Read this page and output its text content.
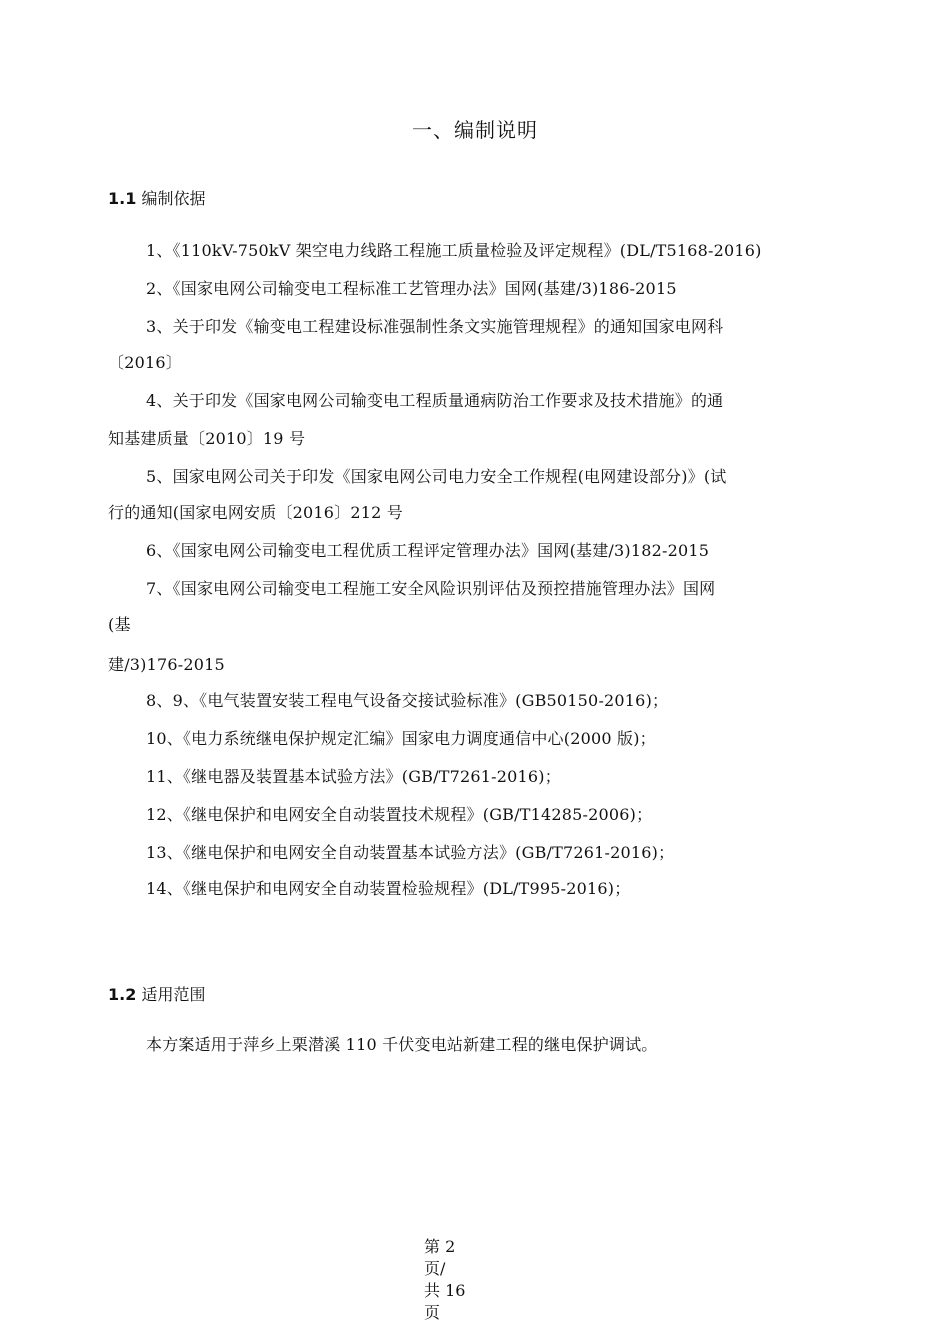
一、编制说明
1.1 编制依据
1、《110kV-750kV 架空电力线路工程施工质量检验及评定规程》(DL/T5168-2016)
2、《国家电网公司输变电工程标准工艺管理办法》国网(基建/3)186-2015
3、关于印发《输变电工程建设标准强制性条文实施管理规程》的通知国家电网科
〔2016〕
4、关于印发《国家电网公司输变电工程质量通病防治工作要求及技术措施》的通
知基建质量〔2010〕19 号
5、国家电网公司关于印发《国家电网公司电力安全工作规程(电网建设部分)》(试
行的通知(国家电网安质〔2016〕212 号
6、《国家电网公司输变电工程优质工程评定管理办法》国网(基建/3)182-2015
7、《国家电网公司输变电工程施工安全风险识别评估及预控措施管理办法》国网
(基
建/3)176-2015
8、9、《电气装置安装工程电气设备交接试验标准》(GB50150-2016)；
10、《电力系统继电保护规定汇编》国家电力调度通信中心(2000 版)；
11、《继电器及装置基本试验方法》(GB/T7261-2016)；
12、《继电保护和电网安全自动装置技术规程》(GB/T14285-2006)；
13、《继电保护和电网安全自动装置基本试验方法》(GB/T7261-2016)；
14、《继电保护和电网安全自动装置检验规程》(DL/T995-2016)；
1.2 适用范围
本方案适用于萍乡上栗潜溪 110 千伏变电站新建工程的继电保护调试。
第 2
页/
共 16
页
